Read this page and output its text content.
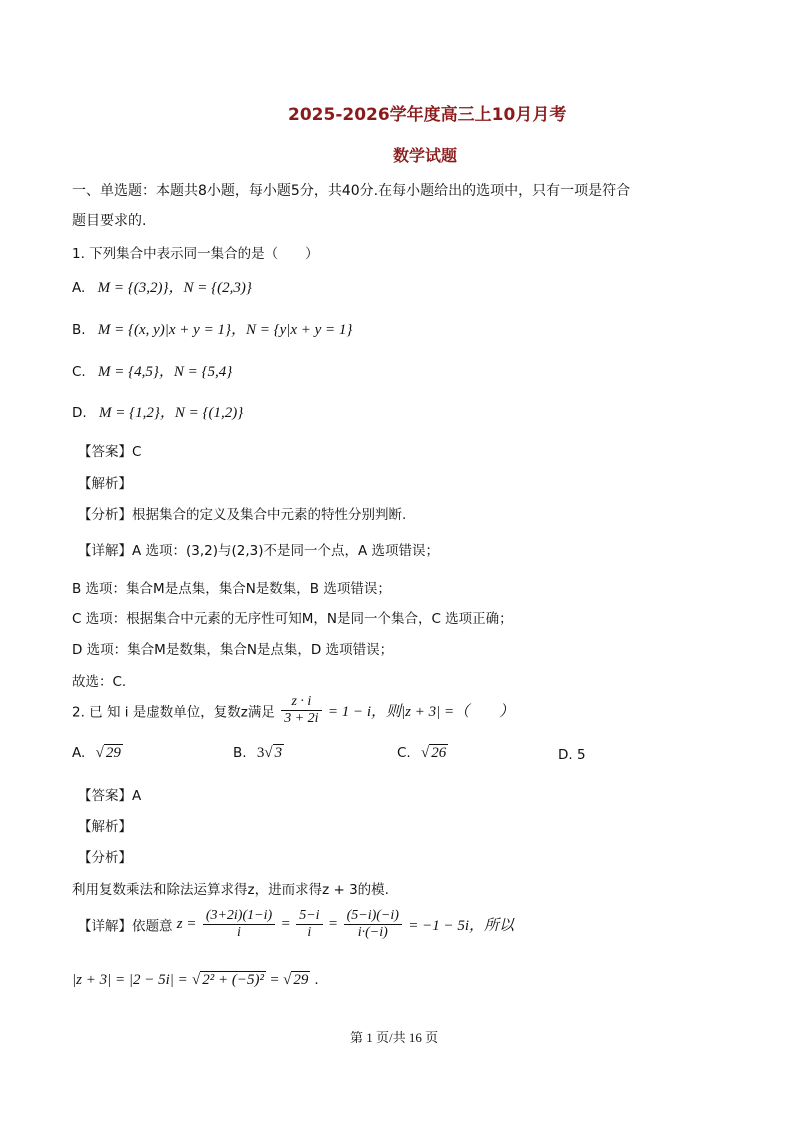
2025-2026学年度高三上10月月考
数学试题
一、单选题：本题共8小题，每小题5分，共40分.在每小题给出的选项中，只有一项是符合
题目要求的.
1. 下列集合中表示同一集合的是（　　）
A. M = {(3,2)}，N = {(2,3)}
B. M = {(x, y)|x + y = 1}，N = {y|x + y = 1}
C. M = {4,5}，N = {5,4}
D. M = {1,2}，N = {(1,2)}
【答案】C
【解析】
【分析】根据集合的定义及集合中元素的特性分别判断.
【详解】A 选项：(3,2)与(2,3)不是同一个点，A 选项错误；
B 选项：集合M是点集，集合N是数集，B 选项错误；
C 选项：根据集合中元素的无序性可知M，N是同一个集合，C 选项正确；
D 选项：集合M是数集，集合N是点集，D 选项错误；
故选：C.
2. 已 知 i 是虚数单位，复数z满足 $\frac{z \cdot i}{3 + 2i} = 1 - i$，则|z + 3| =（　　）
A. √ 29	B. 3√ 3	C. √ 26	D. 5
【答案】A
【解析】
【分析】
利用复数乘法和除法运算求得z，进而求得z + 3的模.
【详解】依题意 $z = \frac{(3+2i)(1-i)}{i} = \frac{5-i}{i} = \frac{(5-i)(-i)}{i\cdot(-i)} = -1 - 5i$，所以
|z + 3| = |2 − 5i| = √ 2² + (−5)² = √ 29 .
第 1 页/共 16 页
